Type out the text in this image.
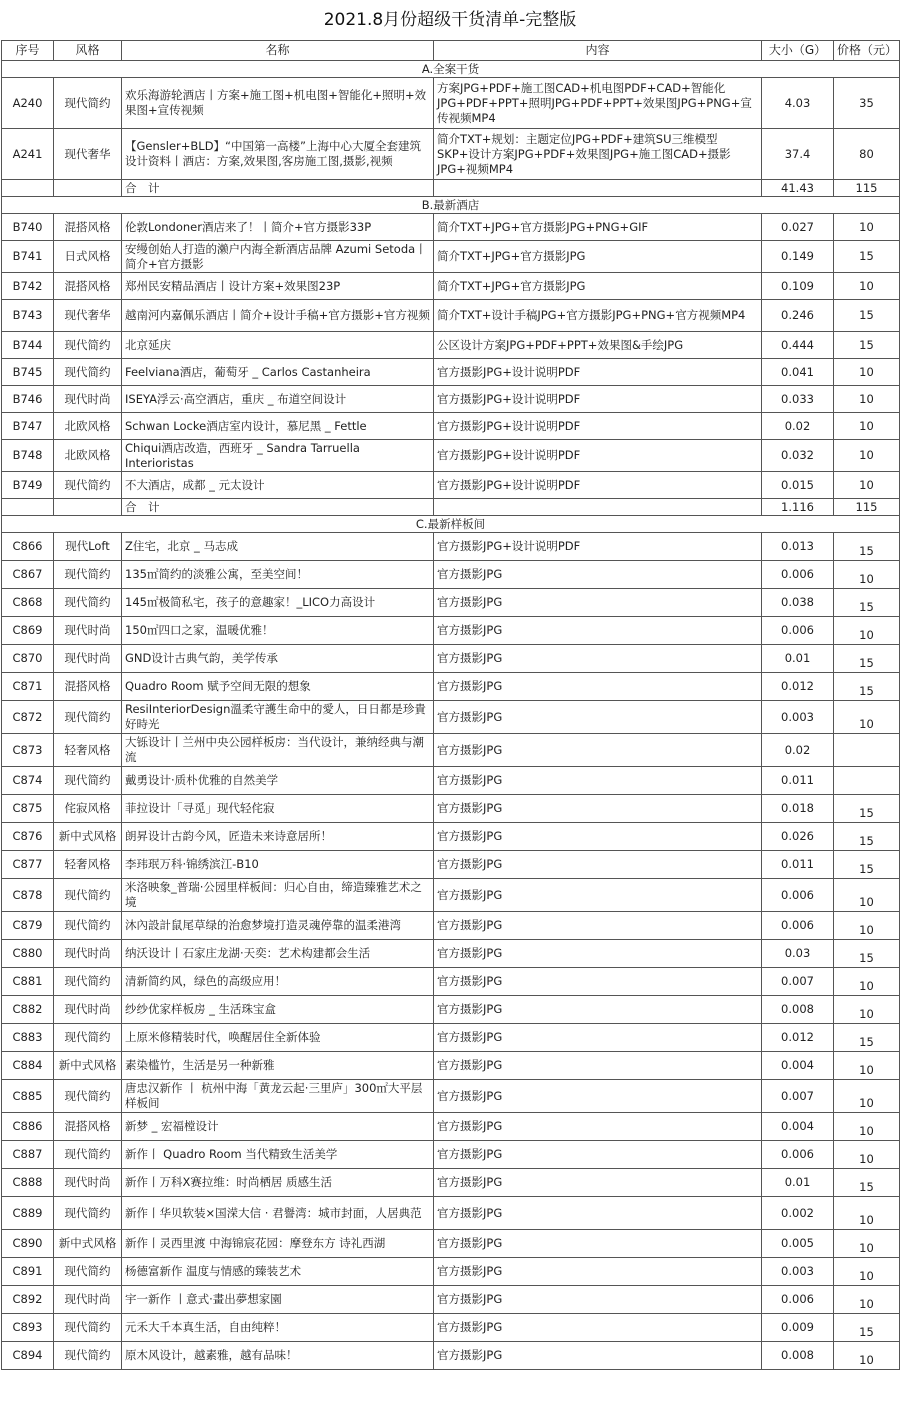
2021.8月份超级干货清单-完整版
序号	风格	名称	内容	大小（G）	价格（元）
A.全案干货					
A240	现代简约	欢乐海游轮酒店丨方案+施工图+机电图+智能化+照明+效果图+宣传视频	方案JPG+PDF+施工图CAD+机电图PDF+CAD+智能化JPG+PDF+PPT+照明JPG+PDF+PPT+效果图JPG+PNG+宣传视频MP4	4.03	35
A241	现代奢华	【Gensler+BLD】“中国第一高楼”上海中心大厦全套建筑设计资料丨酒店：方案,效果图,客房施工图,摄影,视频	简介TXT+规划：主题定位JPG+PDF+建筑SU三维模型SKP+设计方案JPG+PDF+效果图JPG+施工图CAD+摄影JPG+视频MP4	37.4	80
		合　计		41.43	115
B.最新酒店					
B740	混搭风格	伦敦Londoner酒店来了！丨简介+官方摄影33P	简介TXT+JPG+官方摄影JPG+PNG+GIF	0.027	10
B741	日式风格	安缦创始人打造的濑户内海全新酒店品牌 Azumi Setoda丨简介+官方摄影	简介TXT+JPG+官方摄影JPG	0.149	15
B742	混搭风格	郑州民安精品酒店丨设计方案+效果图23P	简介TXT+JPG+官方摄影JPG	0.109	10
B743	现代奢华	越南河内嘉佩乐酒店丨简介+设计手稿+官方摄影+官方视频	简介TXT+设计手稿JPG+官方摄影JPG+PNG+官方视频MP4	0.246	15
B744	现代简约	北京延庆	公区设计方案JPG+PDF+PPT+效果图&手绘JPG	0.444	15
B745	现代简约	Feelviana酒店，葡萄牙 _ Carlos Castanheira	官方摄影JPG+设计说明PDF	0.041	10
B746	现代时尚	ISEYA浮云·高空酒店，重庆 _ 布道空间设计	官方摄影JPG+设计说明PDF	0.033	10
B747	北欧风格	Schwan Locke酒店室内设计，慕尼黑 _ Fettle	官方摄影JPG+设计说明PDF	0.02	10
B748	北欧风格	Chiqui酒店改造，西班牙 _ Sandra Tarruella Interioristas	官方摄影JPG+设计说明PDF	0.032	10
B749	现代简约	不大酒店，成都 _ 元太设计	官方摄影JPG+设计说明PDF	0.015	10
		合　计		1.116	115
C.最新样板间					
C866	现代Loft	Z住宅，北京 _ 马志成	官方摄影JPG+设计说明PDF	0.013	15
C867	现代简约	135㎡简约的淡雅公寓，至美空间！	官方摄影JPG	0.006	10
C868	现代简约	145㎡极简私宅，孩子的意趣家！_LICO力高设计	官方摄影JPG	0.038	15
C869	现代时尚	150㎡四口之家，温暖优雅！	官方摄影JPG	0.006	10
C870	现代时尚	GND设计古典气韵，美学传承	官方摄影JPG	0.01	15
C871	混搭风格	Quadro Room 赋予空间无限的想象	官方摄影JPG	0.012	15
C872	现代简约	ResiInteriorDesign溫柔守護生命中的愛人，日日都是珍貴好時光	官方摄影JPG	0.003	10
C873	轻奢风格	大铄设计丨兰州中央公园样板房：当代设计，兼纳经典与潮流	官方摄影JPG	0.02	
C874	现代简约	戴勇设计·质朴优雅的自然美学	官方摄影JPG	0.011	
C875	侘寂风格	菲拉设计「寻觅」现代轻侘寂	官方摄影JPG	0.018	15
C876	新中式风格	朗昇设计古韵今风，匠造未来诗意居所！	官方摄影JPG	0.026	15
C877	轻奢风格	李玮珉万科·锦绣滨江-B10	官方摄影JPG	0.011	15
C878	现代简约	米洛映象_普瑞·公园里样板间：归心自由，缔造臻雅艺术之境	官方摄影JPG	0.006	10
C879	现代简约	沐內設計鼠尾草绿的治愈梦境打造灵魂停靠的温柔港湾	官方摄影JPG	0.006	10
C880	现代时尚	纳沃设计丨石家庄龙湖·天奕：艺术构建都会生活	官方摄影JPG	0.03	15
C881	现代简约	清新简约风，绿色的高级应用！	官方摄影JPG	0.007	10
C882	现代时尚	纱纱优家样板房 _ 生活珠宝盒	官方摄影JPG	0.008	10
C883	现代简约	上原米修精装时代，唤醒居住全新体验	官方摄影JPG	0.012	15
C884	新中式风格	素染槛竹，生活是另一种新雅	官方摄影JPG	0.004	10
C885	现代简约	唐忠汉新作 丨 杭州中海「黄龙云起·三里庐」300㎡大平层样板间	官方摄影JPG	0.007	10
C886	混搭风格	新梦 _ 宏福樘设计	官方摄影JPG	0.004	10
C887	现代简约	新作丨 Quadro Room 当代精致生活美学	官方摄影JPG	0.006	10
C888	现代时尚	新作丨万科X赛拉维：时尚栖居 质感生活	官方摄影JPG	0.01	15
C889	现代简约	新作丨华贝软装×国溁大信 · 君譽湾：城市封面，人居典范	官方摄影JPG	0.002	10
C890	新中式风格	新作丨灵西里渡 中海锦宸花园：摩登东方 诗礼西湖	官方摄影JPG	0.005	10
C891	现代简约	杨德富新作 温度与情感的臻装艺术	官方摄影JPG	0.003	10
C892	现代时尚	宇一新作 丨意式·畫出夢想家園	官方摄影JPG	0.006	10
C893	现代简约	元禾大千本真生活，自由纯粹！	官方摄影JPG	0.009	15
C894	现代简约	原木风设计，越素雅，越有品味！	官方摄影JPG	0.008	10
